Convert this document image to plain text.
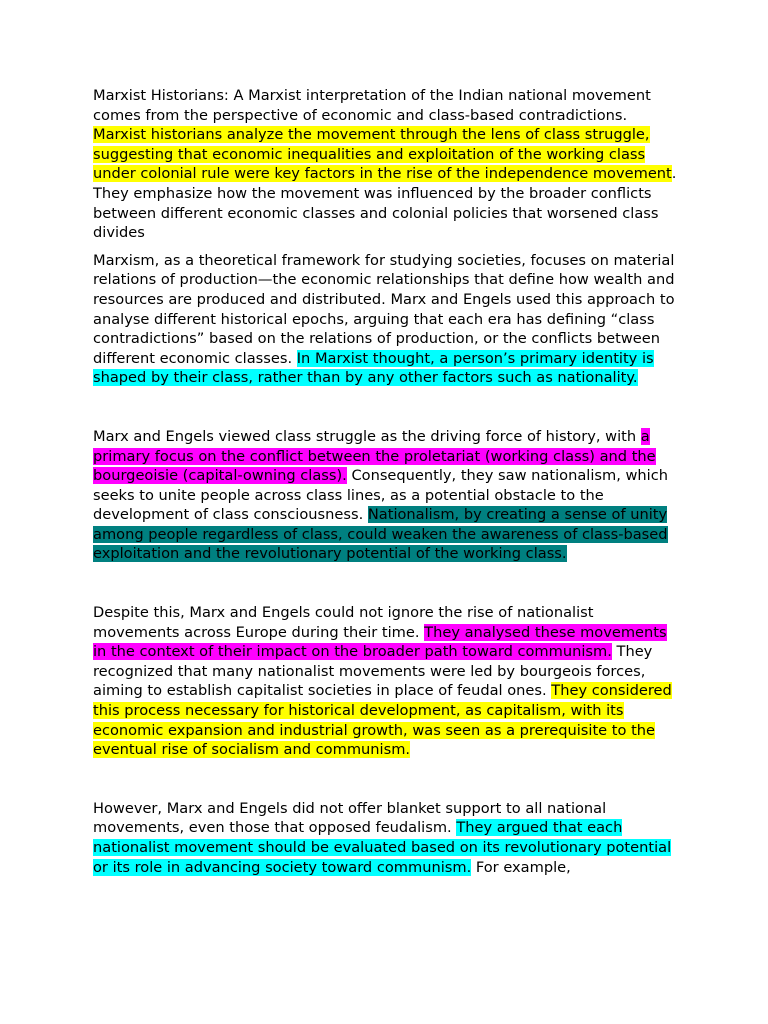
Marxist Historians: A Marxist interpretation of the Indian national movement comes from the perspective of economic and class-based contradictions. Marxist historians analyze the movement through the lens of class struggle, suggesting that economic inequalities and exploitation of the working class under colonial rule were key factors in the rise of the independence movement. They emphasize how the movement was influenced by the broader conflicts between different economic classes and colonial policies that worsened class divides

Marxism, as a theoretical framework for studying societies, focuses on material relations of production—the economic relationships that define how wealth and resources are produced and distributed. Marx and Engels used this approach to analyse different historical epochs, arguing that each era has defining “class contradictions” based on the relations of production, or the conflicts between different economic classes. In Marxist thought, a person’s primary identity is shaped by their class, rather than by any other factors such as nationality.

Marx and Engels viewed class struggle as the driving force of history, with a primary focus on the conflict between the proletariat (working class) and the bourgeoisie (capital-owning class). Consequently, they saw nationalism, which seeks to unite people across class lines, as a potential obstacle to the development of class consciousness. Nationalism, by creating a sense of unity among people regardless of class, could weaken the awareness of class-based exploitation and the revolutionary potential of the working class.

Despite this, Marx and Engels could not ignore the rise of nationalist movements across Europe during their time. They analysed these movements in the context of their impact on the broader path toward communism. They recognized that many nationalist movements were led by bourgeois forces, aiming to establish capitalist societies in place of feudal ones. They considered this process necessary for historical development, as capitalism, with its economic expansion and industrial growth, was seen as a prerequisite to the eventual rise of socialism and communism.

However, Marx and Engels did not offer blanket support to all national movements, even those that opposed feudalism. They argued that each nationalist movement should be evaluated based on its revolutionary potential or its role in advancing society toward communism. For example,
